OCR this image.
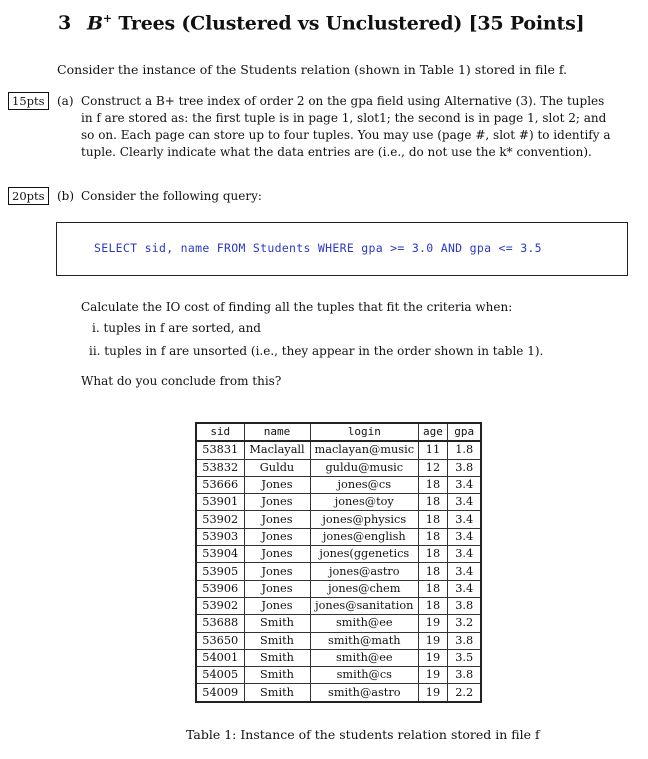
3 B+ Trees (Clustered vs Unclustered) [35 Points]
Consider the instance of the Students relation (shown in Table 1) stored in file f.
15pts	(a) Construct a B+ tree index of order 2 on the gpa field using Alternative (3). The tuples
in f are stored as: the first tuple is in page 1, slot1; the second is in page 1, slot 2; and
so on. Each page can store up to four tuples. You may use (page #, slot #) to identify a
tuple. Clearly indicate what the data entries are (i.e., do not use the k* convention).
20pts	(b) Consider the following query:
SELECT sid, name FROM Students WHERE gpa >= 3.0 AND gpa <= 3.5
Calculate the IO cost of finding all the tuples that fit the criteria when:
i. tuples in f are sorted, and
ii. tuples in f are unsorted (i.e., they appear in the order shown in table 1).
What do you conclude from this?
sid	name	login	age	gpa
53831	Maclayall	maclayan@music	11	1.8
53832	Guldu	guldu@music	12	3.8
53666	Jones	jones@cs	18	3.4
53901	Jones	jones@toy	18	3.4
53902	Jones	jones@physics	18	3.4
53903	Jones	jones@english	18	3.4
53904	Jones	jones(ggenetics	18	3.4
53905	Jones	jones@astro	18	3.4
53906	Jones	jones@chem	18	3.4
53902	Jones	jones@sanitation	18	3.8
53688	Smith	smith@ee	19	3.2
53650	Smith	smith@math	19	3.8
54001	Smith	smith@ee	19	3.5
54005	Smith	smith@cs	19	3.8
54009	Smith	smith@astro	19	2.2
Table 1: Instance of the students relation stored in file f
